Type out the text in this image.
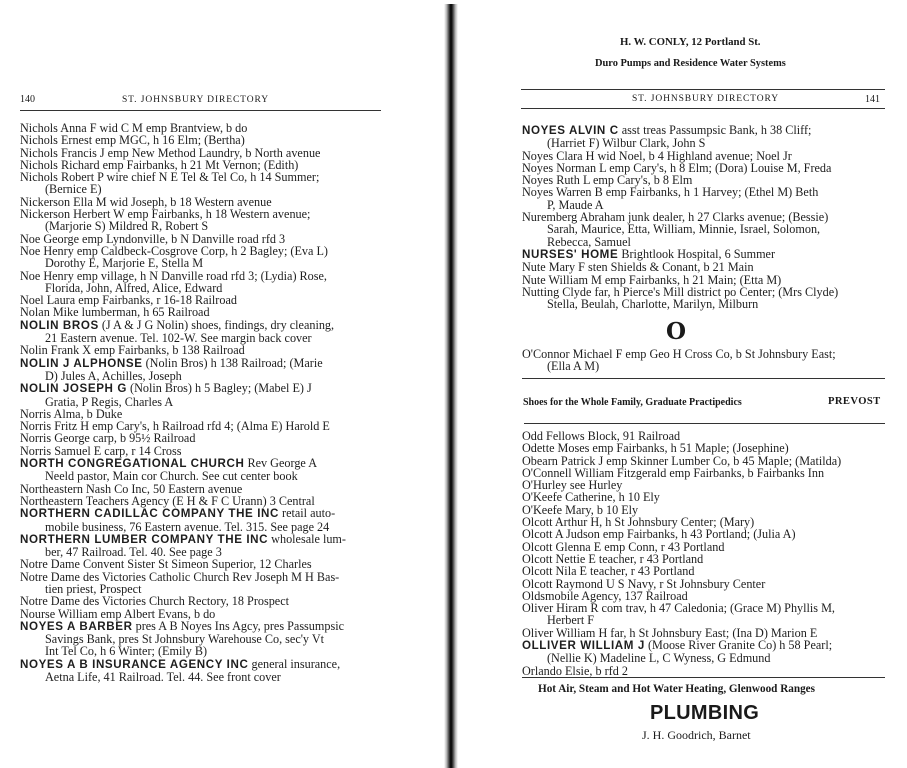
140	ST. JOHNSBURY DIRECTORY
Nichols Anna F wid C M emp Brantview, b do
Nichols Ernest emp MGC, h 16 Elm; (Bertha)
Nichols Francis J emp New Method Laundry, b North avenue
Nichols Richard emp Fairbanks, h 21 Mt Vernon; (Edith)
Nichols Robert P wire chief N E Tel & Tel Co, h 14 Summer;
(Bernice E)
Nickerson Ella M wid Joseph, b 18 Western avenue
Nickerson Herbert W emp Fairbanks, h 18 Western avenue;
(Marjorie S) Mildred R, Robert S
Noe George emp Lyndonville, b N Danville road rfd 3
Noe Henry emp Caldbeck-Cosgrove Corp, h 2 Bagley; (Eva L)
Dorothy E, Marjorie E, Stella M
Noe Henry emp village, h N Danville road rfd 3; (Lydia) Rose,
Florida, John, Alfred, Alice, Edward
Noel Laura emp Fairbanks, r 16-18 Railroad
Nolan Mike lumberman, h 65 Railroad
NOLIN BROS (J A & J G Nolin) shoes, findings, dry cleaning,
21 Eastern avenue. Tel. 102-W. See margin back cover
Nolin Frank X emp Fairbanks, b 138 Railroad
NOLIN J ALPHONSE (Nolin Bros) h 138 Railroad; (Marie
D) Jules A, Achilles, Joseph
NOLIN JOSEPH G (Nolin Bros) h 5 Bagley; (Mabel E) J
Gratia, P Regis, Charles A
Norris Alma, b Duke
Norris Fritz H emp Cary's, h Railroad rfd 4; (Alma E) Harold E
Norris George carp, b 95½ Railroad
Norris Samuel E carp, r 14 Cross
NORTH CONGREGATIONAL CHURCH Rev George A
Neeld pastor, Main cor Church. See cut center book
Northeastern Nash Co Inc, 50 Eastern avenue
Northeastern Teachers Agency (E H & F C Urann) 3 Central
NORTHERN CADILLAC COMPANY THE INC retail auto-
mobile business, 76 Eastern avenue. Tel. 315. See page 24
NORTHERN LUMBER COMPANY THE INC wholesale lum-
ber, 47 Railroad. Tel. 40. See page 3
Notre Dame Convent Sister St Simeon Superior, 12 Charles
Notre Dame des Victories Catholic Church Rev Joseph M H Bas-
tien priest, Prospect
Notre Dame des Victories Church Rectory, 18 Prospect
Nourse William emp Albert Evans, b do
NOYES A BARBER pres A B Noyes Ins Agcy, pres Passumpsic
Savings Bank, pres St Johnsbury Warehouse Co, sec'y Vt
Int Tel Co, h 6 Winter; (Emily B)
NOYES A B INSURANCE AGENCY INC general insurance,
Aetna Life, 41 Railroad. Tel. 44. See front cover
H. W. CONLY, 12 Portland St.
Duro Pumps and Residence Water Systems
ST. JOHNSBURY DIRECTORY	141
NOYES ALVIN C asst treas Passumpsic Bank, h 38 Cliff;
(Harriet F) Wilbur Clark, John S
Noyes Clara H wid Noel, b 4 Highland avenue; Noel Jr
Noyes Norman L emp Cary's, h 8 Elm; (Dora) Louise M, Freda
Noyes Ruth L emp Cary's, b 8 Elm
Noyes Warren B emp Fairbanks, h 1 Harvey; (Ethel M) Beth
P, Maude A
Nuremberg Abraham junk dealer, h 27 Clarks avenue; (Bessie)
Sarah, Maurice, Etta, William, Minnie, Israel, Solomon,
Rebecca, Samuel
NURSES' HOME Brightlook Hospital, 6 Summer
Nute Mary F sten Shields & Conant, b 21 Main
Nute William M emp Fairbanks, h 21 Main; (Etta M)
Nutting Clyde far, h Pierce's Mill district po Center; (Mrs Clyde)
Stella, Beulah, Charlotte, Marilyn, Milburn
O
O'Connor Michael F emp Geo H Cross Co, b St Johnsbury East;
(Ella A M)
Shoes for the Whole Family, Graduate Practipedics	PREVOST
Odd Fellows Block, 91 Railroad
Odette Moses emp Fairbanks, h 51 Maple; (Josephine)
Obearn Patrick J emp Skinner Lumber Co, b 45 Maple; (Matilda)
O'Connell William Fitzgerald emp Fairbanks, b Fairbanks Inn
O'Hurley see Hurley
O'Keefe Catherine, h 10 Ely
O'Keefe Mary, b 10 Ely
Olcott Arthur H, h St Johnsbury Center; (Mary)
Olcott A Judson emp Fairbanks, h 43 Portland; (Julia A)
Olcott Glenna E emp Conn, r 43 Portland
Olcott Nettie E teacher, r 43 Portland
Olcott Nila E teacher, r 43 Portland
Olcott Raymond U S Navy, r St Johnsbury Center
Oldsmobile Agency, 137 Railroad
Oliver Hiram R com trav, h 47 Caledonia; (Grace M) Phyllis M,
Herbert F
Oliver William H far, h St Johnsbury East; (Ina D) Marion E
OLLIVER WILLIAM J (Moose River Granite Co) h 58 Pearl;
(Nellie K) Madeline L, C Wyness, G Edmund
Orlando Elsie, b rfd 2
Hot Air, Steam and Hot Water Heating, Glenwood Ranges
PLUMBING
J. H. Goodrich, Barnet
